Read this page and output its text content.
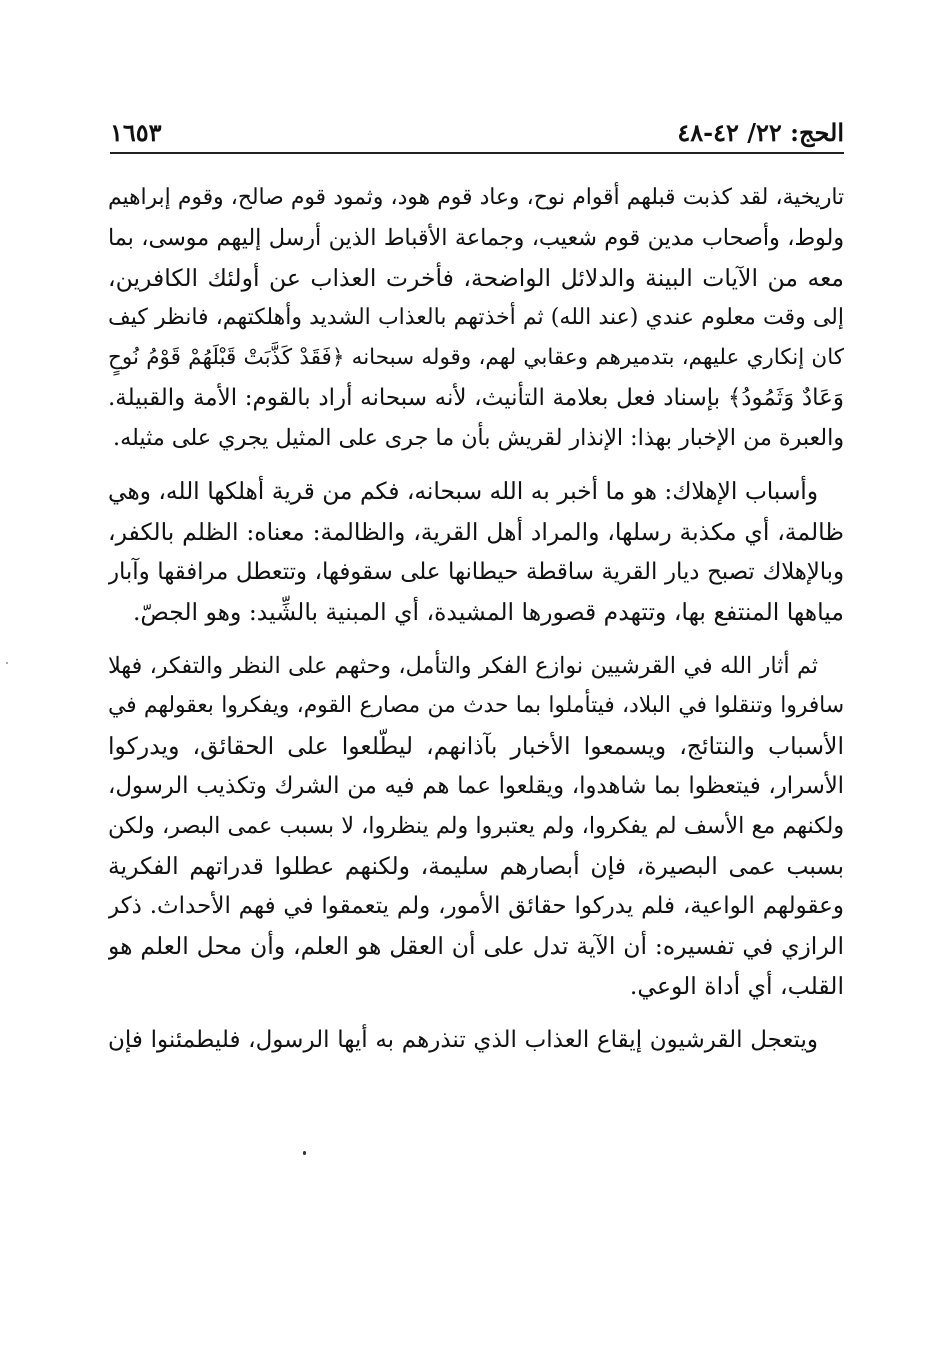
الحج: ٢٢/ ٤٢-٤٨
١٦٥٣
تاريخية، لقد كذبت قبلهم أقوام نوح، وعاد قوم هود، وثمود قوم صالح، وقوم إبراهيم
ولوط، وأصحاب مدين قوم شعيب، وجماعة الأقباط الذين أرسل إليهم موسى، بما
معه من الآيات البينة والدلائل الواضحة، فأخرت العذاب عن أولئك الكافرين،
إلى وقت معلوم عندي (عند الله) ثم أخذتهم بالعذاب الشديد وأهلكتهم، فانظر كيف
كان إنكاري عليهم، بتدميرهم وعقابي لهم، وقوله سبحانه ﴿فَقَدْ كَذَّبَتْ قَبْلَهُمْ قَوْمُ نُوحٍ
وَعَادٌ وَثَمُودُ﴾ بإسناد فعل بعلامة التأنيث، لأنه سبحانه أراد بالقوم: الأمة والقبيلة.
والعبرة من الإخبار بهذا: الإنذار لقريش بأن ما جرى على المثيل يجري على مثيله.
وأسباب الإهلاك: هو ما أخبر به الله سبحانه، فكم من قرية أهلكها الله، وهي
ظالمة، أي مكذبة رسلها، والمراد أهل القرية، والظالمة: معناه: الظلم بالكفر،
وبالإهلاك تصبح ديار القرية ساقطة حيطانها على سقوفها، وتتعطل مرافقها وآبار
مياهها المنتفع بها، وتتهدم قصورها المشيدة، أي المبنية بالشِّيد: وهو الجصّ.
ثم أثار الله في القرشيين نوازع الفكر والتأمل، وحثهم على النظر والتفكر، فهلا
سافروا وتنقلوا في البلاد، فيتأملوا بما حدث من مصارع القوم، ويفكروا بعقولهم في
الأسباب والنتائج، ويسمعوا الأخبار بآذانهم، ليطّلعوا على الحقائق، ويدركوا
الأسرار، فيتعظوا بما شاهدوا، ويقلعوا عما هم فيه من الشرك وتكذيب الرسول،
ولكنهم مع الأسف لم يفكروا، ولم يعتبروا ولم ينظروا، لا بسبب عمى البصر، ولكن
بسبب عمى البصيرة، فإن أبصارهم سليمة، ولكنهم عطلوا قدراتهم الفكرية
وعقولهم الواعية، فلم يدركوا حقائق الأمور، ولم يتعمقوا في فهم الأحداث. ذكر
الرازي في تفسيره: أن الآية تدل على أن العقل هو العلم، وأن محل العلم هو
القلب، أي أداة الوعي.
ويتعجل القرشيون إيقاع العذاب الذي تنذرهم به أيها الرسول، فليطمئنوا فإن
